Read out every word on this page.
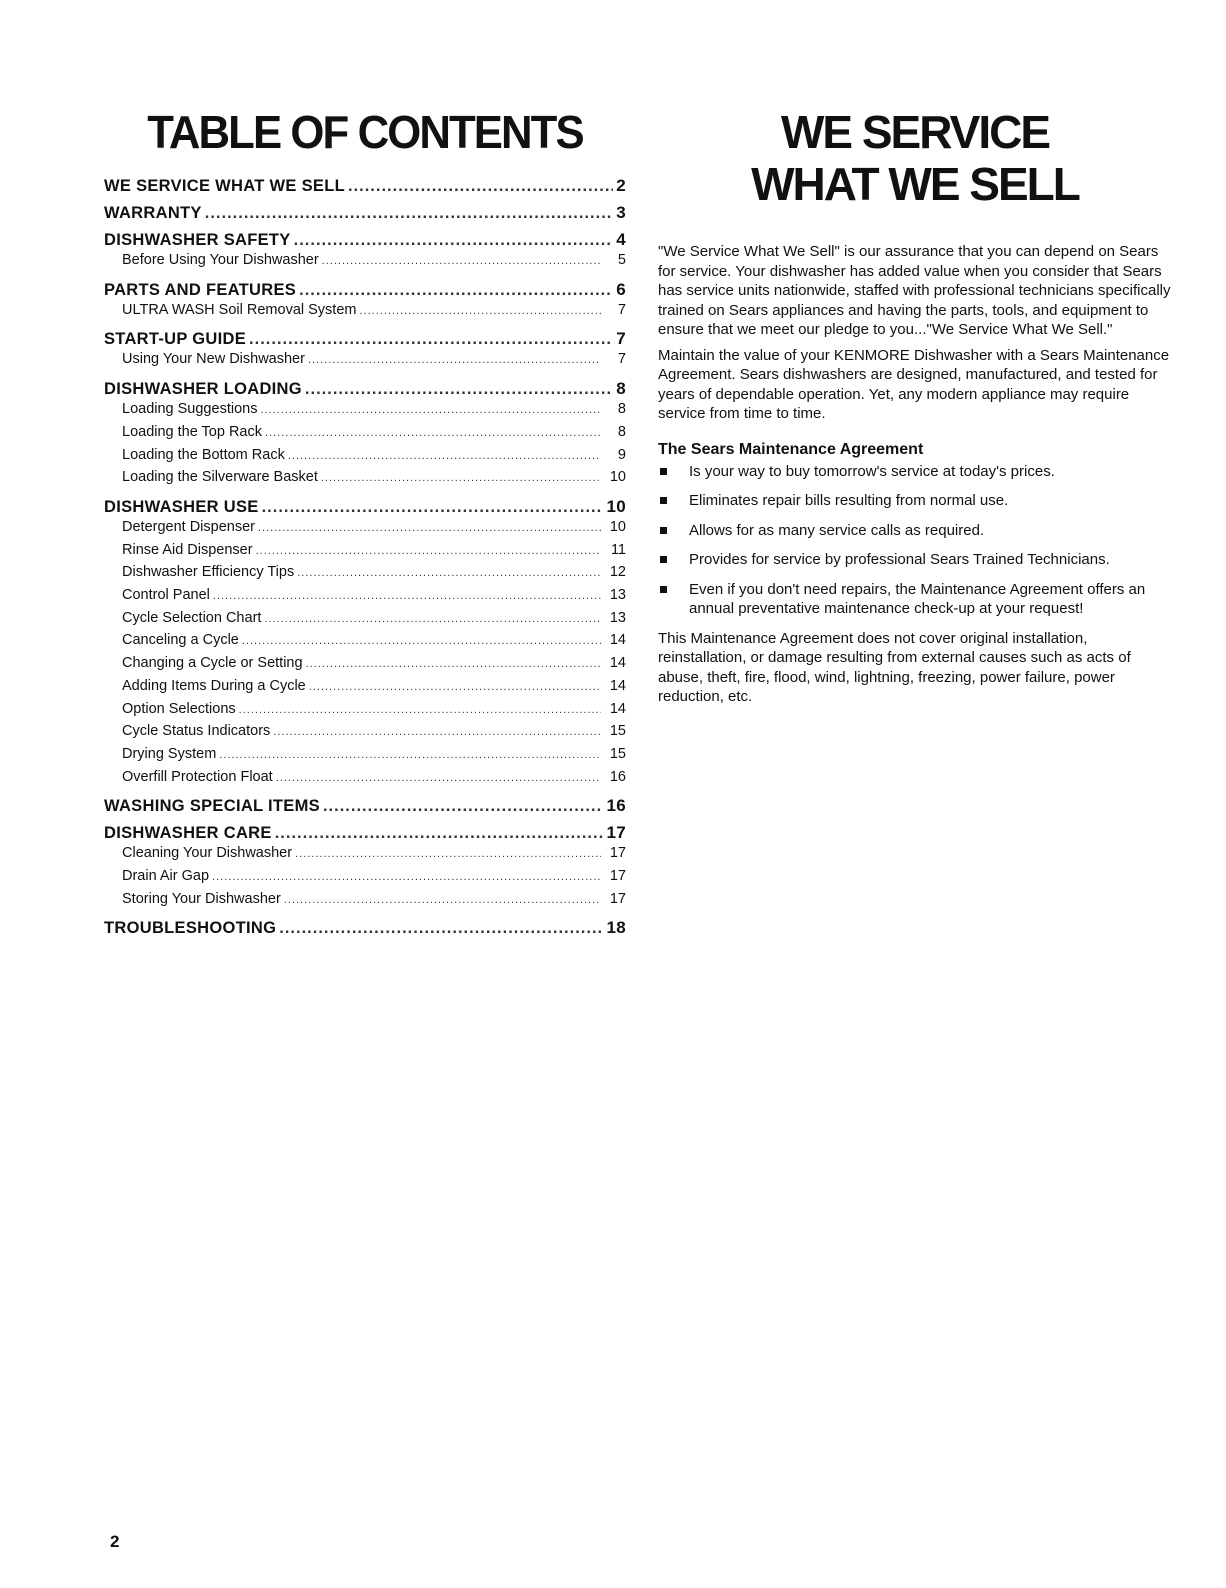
TABLE OF CONTENTS
WE SERVICE WHAT WE SELL .....	2
WARRANTY .....	3
DISHWASHER SAFETY .....	4
Before Using Your Dishwasher .....	5
PARTS AND FEATURES .....	6
ULTRA WASH Soil Removal System .....	7
START-UP GUIDE .....	7
Using Your New Dishwasher .....	7
DISHWASHER LOADING .....	8
Loading Suggestions .....	8
Loading the Top Rack .....	8
Loading the Bottom Rack .....	9
Loading the Silverware Basket .....	10
DISHWASHER USE .....	10
Detergent Dispenser .....	10
Rinse Aid Dispenser .....	11
Dishwasher Efficiency Tips .....	12
Control Panel .....	13
Cycle Selection Chart .....	13
Canceling a Cycle .....	14
Changing a Cycle or Setting .....	14
Adding Items During a Cycle .....	14
Option Selections .....	14
Cycle Status Indicators .....	15
Drying System .....	15
Overfill Protection Float .....	16
WASHING SPECIAL ITEMS .....	16
DISHWASHER CARE .....	17
Cleaning Your Dishwasher .....	17
Drain Air Gap .....	17
Storing Your Dishwasher .....	17
TROUBLESHOOTING .....	18
WE SERVICE
WHAT WE SELL

"We Service What We Sell" is our assurance that you can depend on Sears for service. Your dishwasher has added value when you consider that Sears has service units nationwide, staffed with professional technicians specifically trained on Sears appliances and having the parts, tools, and equipment to ensure that we meet our pledge to you..."We Service What We Sell."

Maintain the value of your KENMORE Dishwasher with a Sears Maintenance Agreement. Sears dishwashers are designed, manufactured, and tested for years of dependable operation. Yet, any modern appliance may require service from time to time.

The Sears Maintenance Agreement
Is your way to buy tomorrow's service at today's prices.
Eliminates repair bills resulting from normal use.
Allows for as many service calls as required.
Provides for service by professional Sears Trained Technicians.
Even if you don't need repairs, the Maintenance Agreement offers an annual preventative maintenance check-up at your request!

This Maintenance Agreement does not cover original installation, reinstallation, or damage resulting from external causes such as acts of abuse, theft, fire, flood, wind, lightning, freezing, power failure, power reduction, etc.

2
